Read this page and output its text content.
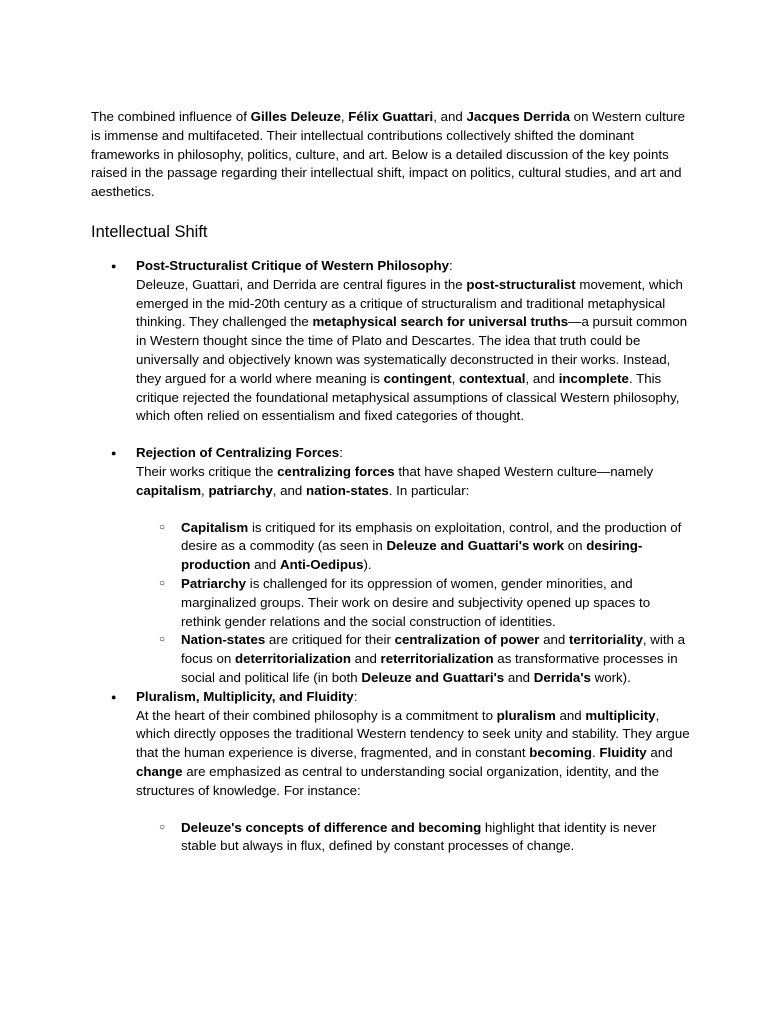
The combined influence of Gilles Deleuze, Félix Guattari, and Jacques Derrida on Western culture is immense and multifaceted. Their intellectual contributions collectively shifted the dominant frameworks in philosophy, politics, culture, and art. Below is a detailed discussion of the key points raised in the passage regarding their intellectual shift, impact on politics, cultural studies, and art and aesthetics.

Intellectual Shift
● Post-Structuralist Critique of Western Philosophy:
Deleuze, Guattari, and Derrida are central figures in the post-structuralist movement, which emerged in the mid-20th century as a critique of structuralism and traditional metaphysical thinking. They challenged the metaphysical search for universal truths—a pursuit common in Western thought since the time of Plato and Descartes. The idea that truth could be universally and objectively known was systematically deconstructed in their works. Instead, they argued for a world where meaning is contingent, contextual, and incomplete. This critique rejected the foundational metaphysical assumptions of classical Western philosophy, which often relied on essentialism and fixed categories of thought.
● Rejection of Centralizing Forces:
Their works critique the centralizing forces that have shaped Western culture—namely capitalism, patriarchy, and nation-states. In particular:
○ Capitalism is critiqued for its emphasis on exploitation, control, and the production of desire as a commodity (as seen in Deleuze and Guattari's work on desiring-production and Anti-Oedipus).
○ Patriarchy is challenged for its oppression of women, gender minorities, and marginalized groups. Their work on desire and subjectivity opened up spaces to rethink gender relations and the social construction of identities.
○ Nation-states are critiqued for their centralization of power and territoriality, with a focus on deterritorialization and reterritorialization as transformative processes in social and political life (in both Deleuze and Guattari's and Derrida's work).
● Pluralism, Multiplicity, and Fluidity:
At the heart of their combined philosophy is a commitment to pluralism and multiplicity, which directly opposes the traditional Western tendency to seek unity and stability. They argue that the human experience is diverse, fragmented, and in constant becoming. Fluidity and change are emphasized as central to understanding social organization, identity, and the structures of knowledge. For instance:
○ Deleuze's concepts of difference and becoming highlight that identity is never stable but always in flux, defined by constant processes of change.
